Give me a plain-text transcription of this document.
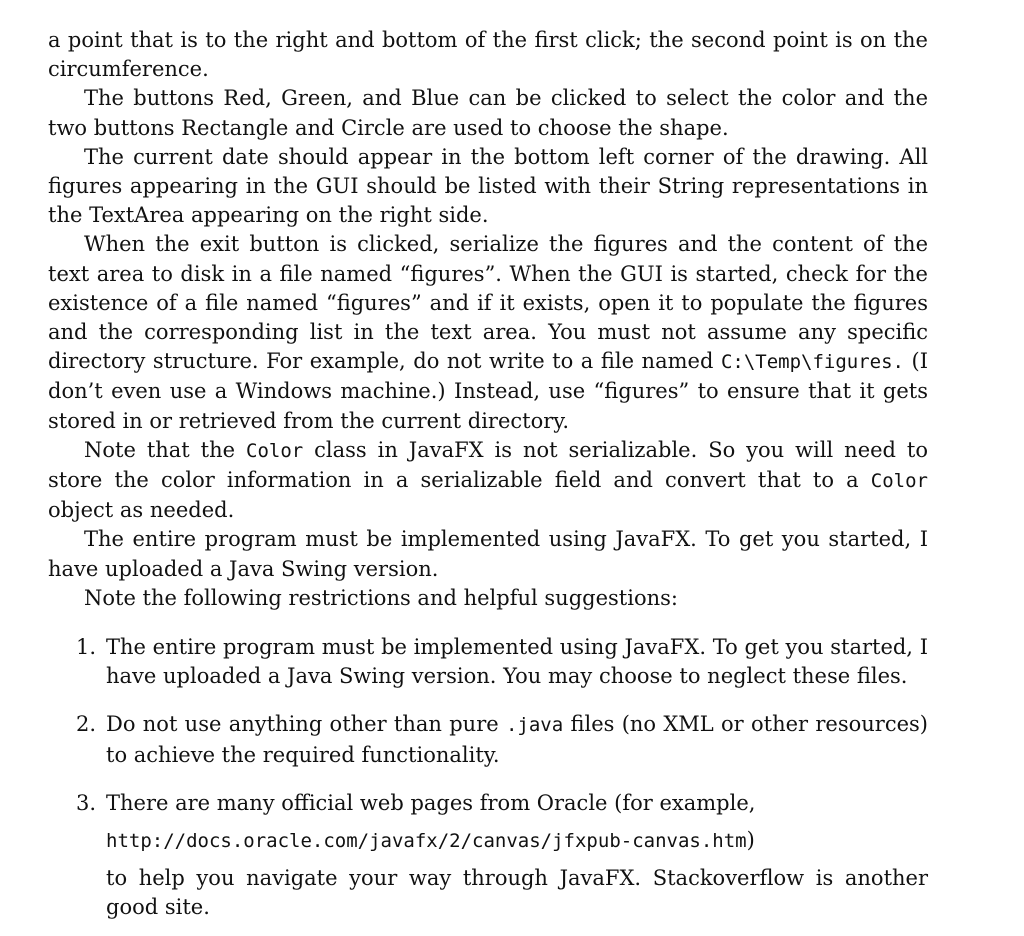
a point that is to the right and bottom of the first click; the second point is on the circumference.

The buttons Red, Green, and Blue can be clicked to select the color and the two buttons Rectangle and Circle are used to choose the shape.

The current date should appear in the bottom left corner of the drawing. All figures appearing in the GUI should be listed with their String representations in the TextArea appearing on the right side.

When the exit button is clicked, serialize the figures and the content of the text area to disk in a file named “figures”. When the GUI is started, check for the existence of a file named “figures” and if it exists, open it to populate the figures and the corresponding list in the text area. You must not assume any specific directory structure. For example, do not write to a file named C:\Temp\figures. (I don’t even use a Windows machine.) Instead, use “figures” to ensure that it gets stored in or retrieved from the current directory.

Note that the Color class in JavaFX is not serializable. So you will need to store the color information in a serializable field and convert that to a Color object as needed.

The entire program must be implemented using JavaFX. To get you started, I have uploaded a Java Swing version.

Note the following restrictions and helpful suggestions:

1. The entire program must be implemented using JavaFX. To get you started, I have uploaded a Java Swing version. You may choose to neglect these files.
2. Do not use anything other than pure .java files (no XML or other resources) to achieve the required functionality.
3. There are many official web pages from Oracle (for example,
http://docs.oracle.com/javafx/2/canvas/jfxpub-canvas.htm)
to help you navigate your way through JavaFX. Stackoverflow is another good site.
